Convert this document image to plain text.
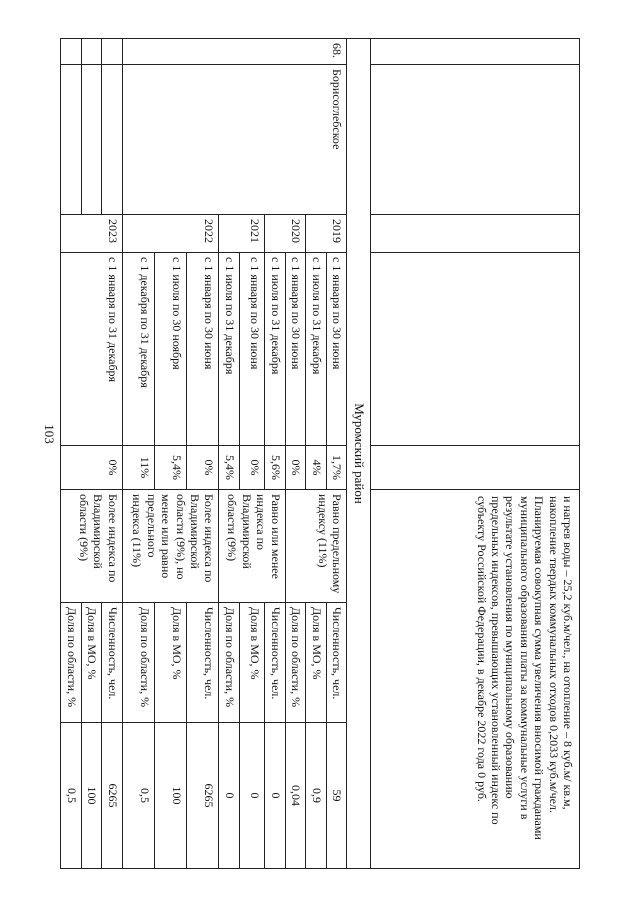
103

					и нагрев воды – 25,2 куб.м/чел., на отопление – 8 куб.м/ кв.м, накопление твердых коммунальных отходов 0,2033 куб.м/чел.

Планируемая совокупная сумма увеличения вносимой гражданами муниципального образования платы за коммунальные услуги в результате установления по муниципальному образованию предельных индексов, превышающих установленный индекс по субъекту Российской Федерации, в декабре 2022 года 0 руб.		

Муромский район							
68.	Борисоглебское	2019	с 1 января по 30 июня	1,7%	Равно предельному индексу (11%)	Численность, чел.	59
			с 1 июля по 31 декабря	4%		Доля в МО, %	0,9
		2020	с 1 января по 30 июня	0%		Доля по области, %	0,04
			с 1 июля по 31 декабря	5,6%	Равно или менее индекса по Владимирской области (9%)	Численность, чел.	0
		2021	с 1 января по 30 июня	0%		Доля в МО, %	0
			с 1 июля по 31 декабря	5,4%		Доля по области, %	0
		2022	с 1 января по 30 июня	0%	Более индекса по Владимирской области (9%), но менее или равно предельного индекса (11%)	Численность, чел.	6265
			с 1 июля по 30 ноября	5,4%		Доля в МО, %	100
			с 1 декабря по 31 декабря	11%		Доля по области, %	0,5
		2023	с 1 января по 31 декабря	0%	Более индекса по Владимирской области (9%)	Численность, чел.	6265
						Доля в МО, %	100
						Доля по области, %	0,5
